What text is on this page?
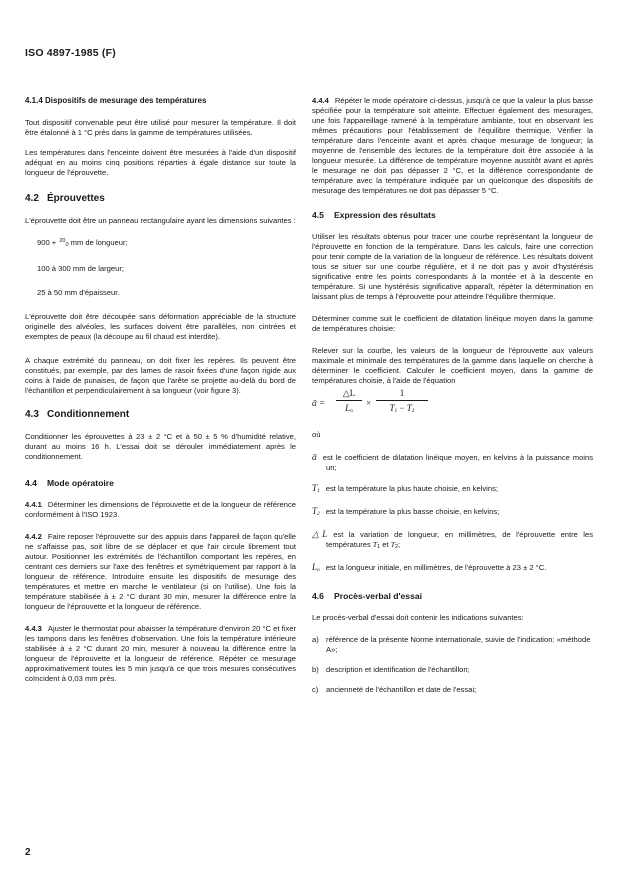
ISO 4897-1985 (F)
4.1.4 Dispositifs de mesurage des températures

Tout dispositif convenable peut être utilisé pour mesurer la température. Il doit être étalonné à 1 °C près dans la gamme de températures utilisées.

Les températures dans l'enceinte doivent être mesurées à l'aide d'un dispositif adéquat en au moins cinq positions réparties à égale distance sur toute la longueur de l'éprouvette.

4.2 Éprouvettes

L'éprouvette doit être un panneau rectangulaire ayant les dimensions suivantes :

900 + $^{20}$0 mm de longueur;
100 à 300 mm de largeur;
25 à 50 mm d'épaisseur.

L'éprouvette doit être découpée sans déformation appréciable de la structure originelle des alvéoles, les surfaces doivent être parallèles, non cintrées et exemptes de peaux (la découpe au fil chaud est interdite).

A chaque extrémité du panneau, on doit fixer les repères. Ils peuvent être constitués, par exemple, par des lames de rasoir fixées d'une façon rigide aux coins à l'aide de punaises, de façon que l'arête se projette au-delà du bord de l'échantillon et perpendiculairement à sa longueur (voir figure 3).

4.3 Conditionnement

Conditionner les éprouvettes à 23 ± 2 °C et à 50 ± 5 % d'humidité relative, durant au moins 16 h. L'essai doit se dérouler immédiatement après le conditionnement.

4.4 Mode opératoire

4.4.1 Déterminer les dimensions de l'éprouvette et de la longueur de référence conformément à l'ISO 1923.

4.4.2 Faire reposer l'éprouvette sur des appuis dans l'appareil de façon qu'elle ne s'affaisse pas, soit libre de se déplacer et que l'air circule librement tout autour. Positionner les extrémités de l'échantillon comportant les repères, en centrant ces derniers sur l'axe des fenêtres et symétriquement par rapport à la longueur de référence. Introduire ensuite les dispositifs de mesurage des températures et mettre en marche le ventilateur (si on l'utilise). Une fois la température stabilisée à ± 2 °C durant 30 min, mesurer la différence entre la longueur de l'éprouvette et la longueur de référence.

4.4.3 Ajuster le thermostat pour abaisser la température d'environ 20 °C et fixer les tampons dans les fenêtres d'observation. Une fois la température intérieure stabilisée à ± 2 °C durant 20 min, mesurer à nouveau la différence entre la longueur de l'éprouvette et la longueur de référence. Répéter ce mesurage approximativement toutes les 5 min jusqu'à ce que trois mesures consécutives coïncident à 0,03 mm près.

4.4.4 Répéter le mode opératoire ci-dessus, jusqu'à ce que la valeur la plus basse spécifiée pour la température soit atteinte. Effectuer également des mesurages, une fois l'appareillage ramené à la température ambiante, tout en observant les mêmes précautions pour l'établissement de l'équilibre thermique. Vérifier la température dans l'enceinte avant et après chaque mesurage de longueur; la moyenne de l'ensemble des lectures de la température doit être associée à la longueur mesurée. La différence de température moyenne aussitôt avant et après le mesurage ne doit pas dépasser 2 °C, et la différence correspondante de température avec la température indiquée par un quelconque des dispositifs de mesurage des températures ne doit pas dépasser 5 °C.

4.5 Expression des résultats

Utiliser les résultats obtenus pour tracer une courbe représentant la longueur de l'éprouvette en fonction de la température. Dans les calculs, faire une correction pour tenir compte de la variation de la longueur de référence. Les résultats doivent tous se situer sur une courbe régulière, et il ne doit pas y avoir d'hystérésis significative entre les points correspondants à la montée et à la descente en température. Si une hystérésis significative apparaît, répéter la détermination en laissant plus de temps à l'éprouvette pour atteindre l'équilibre thermique.

Déterminer comme suit le coefficient de dilatation linéique moyen dans la gamme de températures choisie:

Relever sur la courbe, les valeurs de la longueur de l'éprouvette aux valeurs maximale et minimale des températures de la gamme dans laquelle on cherche à déterminer le coefficient. Calculer le coefficient moyen, dans la gamme de températures choisie, à l'aide de l'équation

ᾱ =
△L
Lo
×
1
T1 − T2
où
ᾱ est le coefficient de dilatation linéique moyen, en kelvins à la puissance moins un;
T1 est la température la plus haute choisie, en kelvins;
T2 est la température la plus basse choisie, en kelvins;
△L est la variation de longueur, en millimètres, de l'éprouvette entre les températures T1 et T2;
Lo est la longueur initiale, en millimètres, de l'éprouvette à 23 ± 2 °C.
4.6 Procès-verbal d'essai

Le procès-verbal d'essai doit contenir les indications suivantes:

a) référence de la présente Norme internationale, suivie de l'indication: «méthode A»;
b) description et identification de l'échantillon;
c) ancienneté de l'échantillon et date de l'essai;
2
